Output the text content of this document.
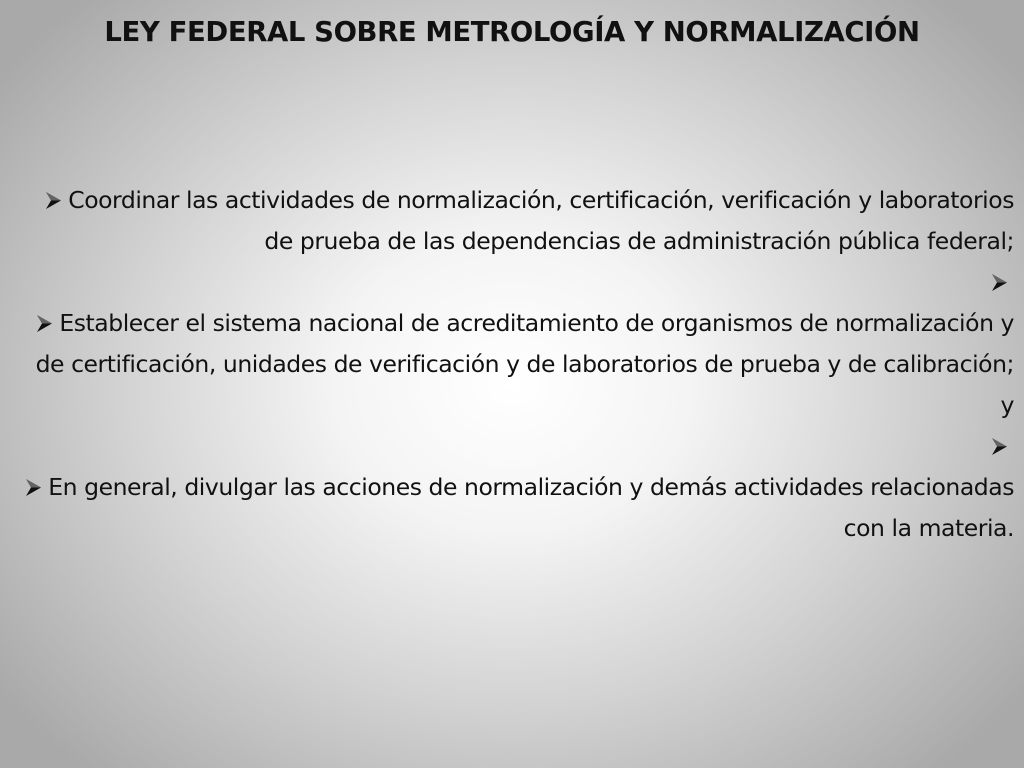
LEY FEDERAL SOBRE METROLOGÍA Y NORMALIZACIÓN
Coordinar las actividades de normalización, certificación, verificación y laboratorios de prueba de las dependencias de administración pública federal;
Establecer el sistema nacional de acreditamiento de organismos de normalización y de certificación, unidades de verificación y de laboratorios de prueba y de calibración; y
En general, divulgar las acciones de normalización y demás actividades relacionadas con la materia.
